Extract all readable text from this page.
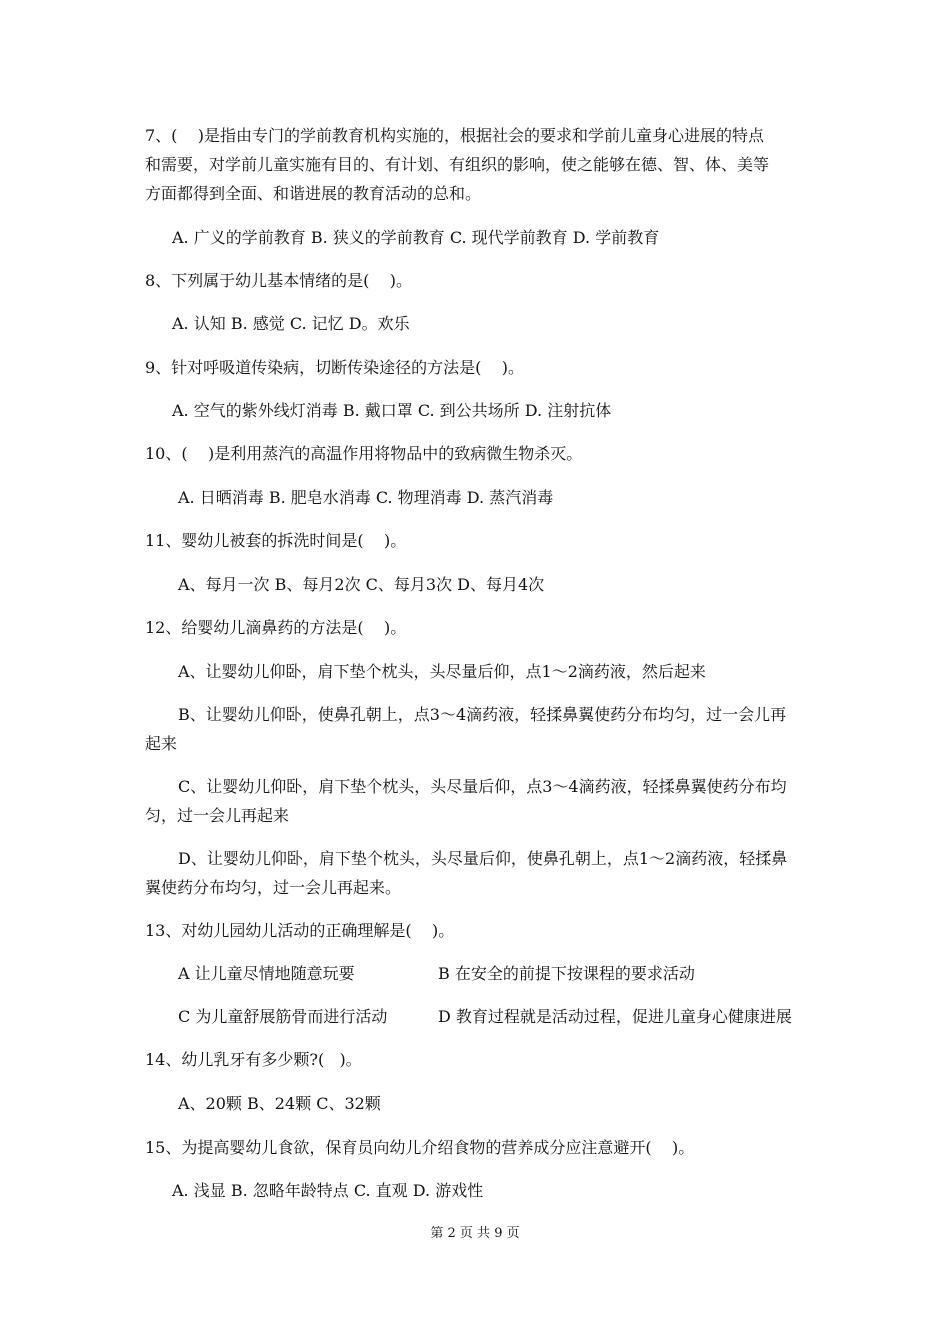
7、(    )是指由专门的学前教育机构实施的，根据社会的要求和学前儿童身心进展的特点

和需要，对学前儿童实施有目的、有计划、有组织的影响，使之能够在德、智、体、美等

方面都得到全面、和谐进展的教育活动的总和。

A. 广义的学前教育 B. 狭义的学前教育 C. 现代学前教育 D. 学前教育

8、下列属于幼儿基本情绪的是(    )。

A. 认知 B. 感觉 C. 记忆 D。欢乐

9、针对呼吸道传染病，切断传染途径的方法是(    )。

A. 空气的紫外线灯消毒 B. 戴口罩 C. 到公共场所 D. 注射抗体

10、(    )是利用蒸汽的高温作用将物品中的致病微生物杀灭。

A. 日晒消毒 B. 肥皂水消毒 C. 物理消毒 D. 蒸汽消毒

11、婴幼儿被套的拆洗时间是(    )。

A、每月一次 B、每月2次 C、每月3次 D、每月4次

12、给婴幼儿滴鼻药的方法是(    )。

A、让婴幼儿仰卧，肩下垫个枕头，头尽量后仰，点1～2滴药液，然后起来

B、让婴幼儿仰卧，使鼻孔朝上，点3～4滴药液，轻揉鼻翼使药分布均匀，过一会儿再

起来

C、让婴幼儿仰卧，肩下垫个枕头，头尽量后仰，点3～4滴药液，轻揉鼻翼使药分布均

匀，过一会儿再起来

D、让婴幼儿仰卧，肩下垫个枕头，头尽量后仰，使鼻孔朝上，点1～2滴药液，轻揉鼻

翼使药分布均匀，过一会儿再起来。

13、对幼儿园幼儿活动的正确理解是(    )。

A 让儿童尽情地随意玩要	B 在安全的前提下按课程的要求活动

C 为儿童舒展筋骨而进行活动	D 教育过程就是活动过程，促进儿童身心健康进展

14、幼儿乳牙有多少颗?(   )。

A、20颗 B、24颗 C、32颗

15、为提高婴幼儿食欲，保育员向幼儿介绍食物的营养成分应注意避开(    )。

A. 浅显 B. 忽略年龄特点 C. 直观 D. 游戏性

第 2 页 共 9 页
